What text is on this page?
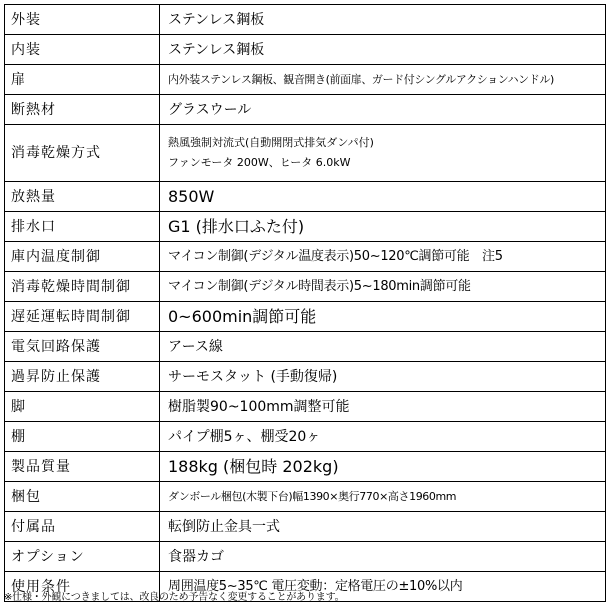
外装	ステンレス鋼板
内装	ステンレス鋼板
扉	内外装ステンレス鋼板、観音開き(前面扉、ガード付シングルアクションハンドル)
断熱材	グラスウール
消毒乾燥方式	熱風強制対流式(自動開閉式排気ダンパ付)
ファンモータ 200W、ヒータ 6.0kW

放熱量	850W
排水口	G1 (排水口ふた付)
庫内温度制御	マイコン制御(デジタル温度表示)50~120℃調節可能　注5
消毒乾燥時間制御	マイコン制御(デジタル時間表示)5~180min調節可能
遅延運転時間制御	0~600min調節可能
電気回路保護	アース線
過昇防止保護	サーモスタット (手動復帰)
脚	樹脂製90~100mm調整可能
棚	パイプ棚5ヶ、棚受20ヶ
製品質量	188kg (梱包時 202kg)
梱包	ダンボール梱包(木製下台)幅1390×奥行770×高さ1960mm
付属品	転倒防止金具一式
オプション	食器カゴ
使用条件	周囲温度5~35℃ 電圧変動：定格電圧の±10%以内
※仕様・外観につきましては、改良のため予告なく変更することがあります。
